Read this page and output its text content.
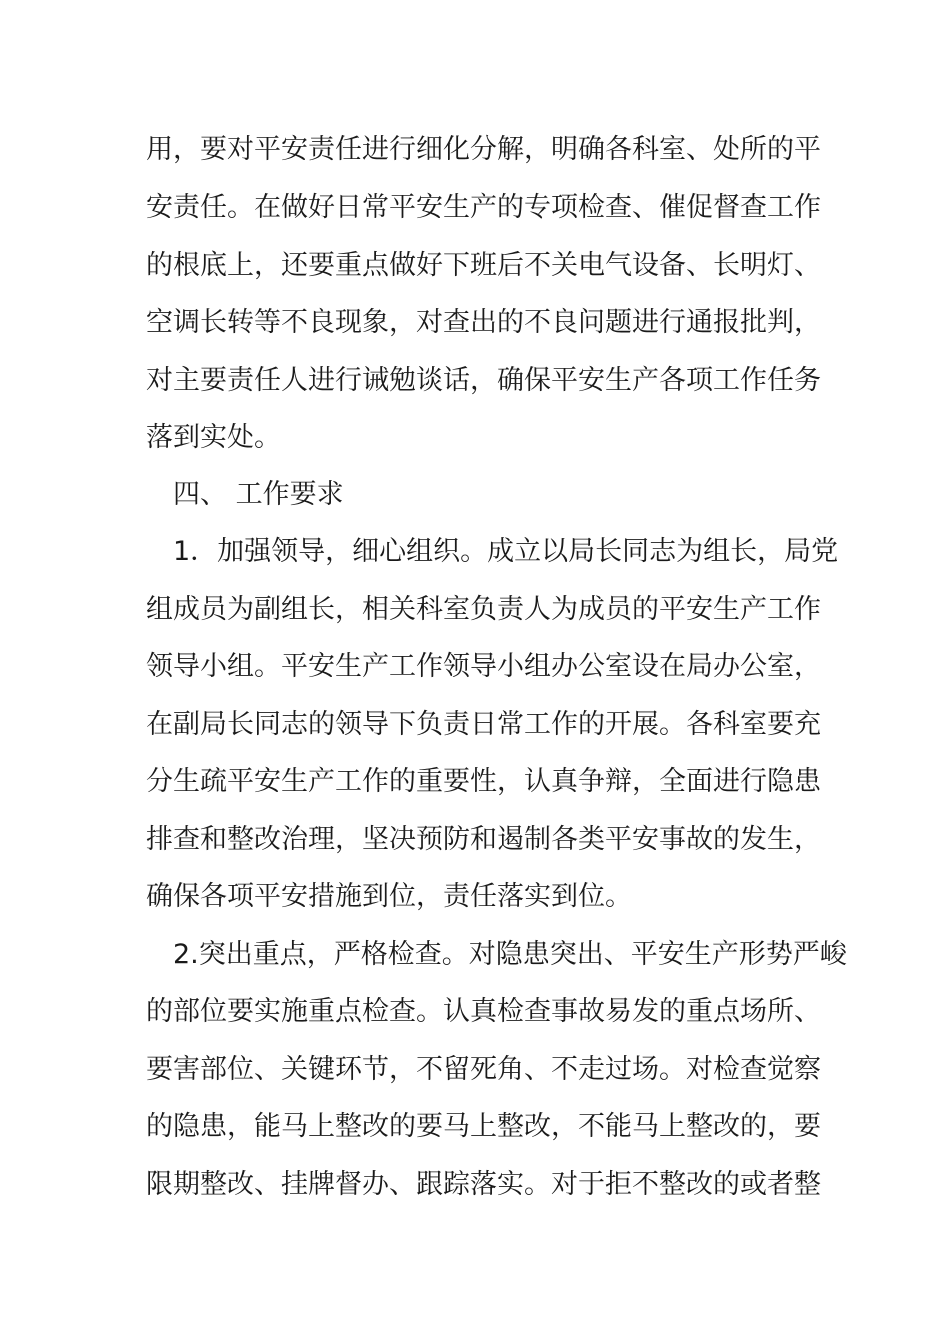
用，要对平安责任进行细化分解，明确各科室、处所的平
安责任。在做好日常平安生产的专项检查、催促督查工作
的根底上，还要重点做好下班后不关电气设备、长明灯、
空调长转等不良现象，对查出的不良问题进行通报批判，
对主要责任人进行诫勉谈话，确保平安生产各项工作任务
落到实处。
四、 工作要求
1．加强领导，细心组织。成立以局长同志为组长，局党
组成员为副组长，相关科室负责人为成员的平安生产工作
领导小组。平安生产工作领导小组办公室设在局办公室，
在副局长同志的领导下负责日常工作的开展。各科室要充
分生疏平安生产工作的重要性，认真争辩，全面进行隐患
排查和整改治理，坚决预防和遏制各类平安事故的发生，
确保各项平安措施到位，责任落实到位。
2.突出重点，严格检查。对隐患突出、平安生产形势严峻
的部位要实施重点检查。认真检查事故易发的重点场所、
要害部位、关键环节，不留死角、不走过场。对检查觉察
的隐患，能马上整改的要马上整改，不能马上整改的，要
限期整改、挂牌督办、跟踪落实。对于拒不整改的或者整
